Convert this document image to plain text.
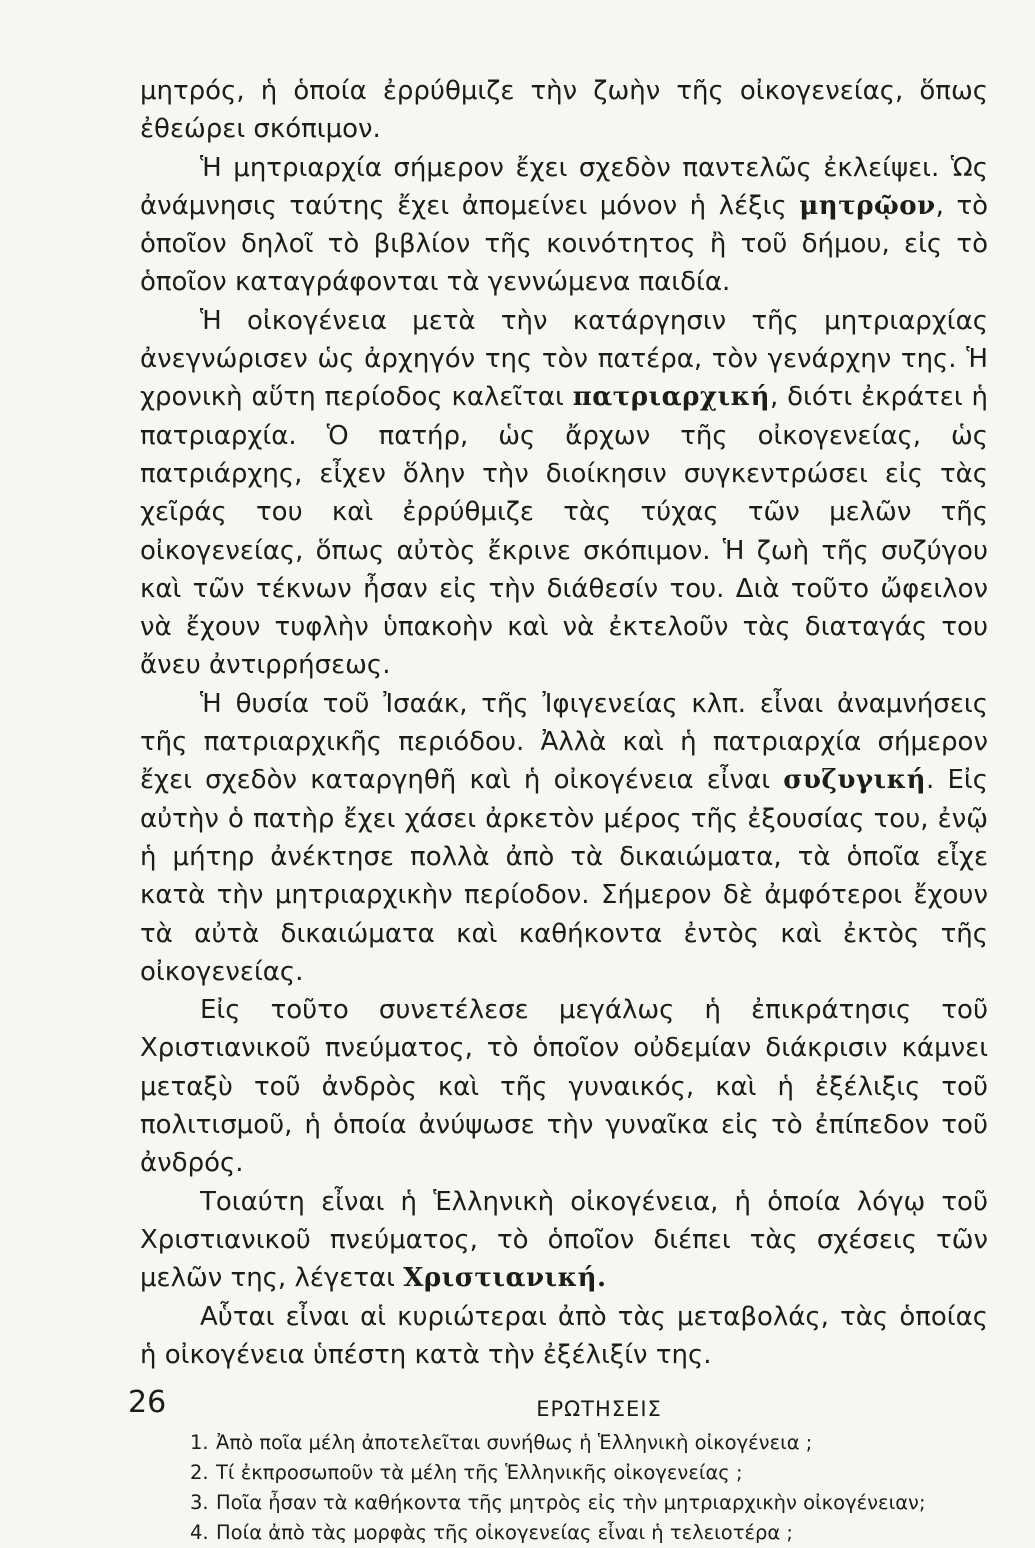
μητρός, ἡ ὁποία ἐρρύθμιζε τὴν ζωὴν τῆς οἰκογενείας, ὅπως ἐθεώρει σκόπιμον.

Ἡ μητριαρχία σήμερον ἔχει σχεδὸν παντελῶς ἐκλείψει. Ὡς ἀνάμνησις ταύτης ἔχει ἀπομείνει μόνον ἡ λέξις μητρῷον, τὸ ὁποῖον δηλοῖ τὸ βιβλίον τῆς κοινότητος ἢ τοῦ δήμου, εἰς τὸ ὁποῖον καταγράφονται τὰ γεννώμενα παιδία.

Ἡ οἰκογένεια μετὰ τὴν κατάργησιν τῆς μητριαρχίας ἀνεγνώρισεν ὡς ἀρχηγόν της τὸν πατέρα, τὸν γενάρχην της. Ἡ χρονικὴ αὕτη περίοδος καλεῖται πατριαρχική, διότι ἐκράτει ἡ πατριαρχία. Ὁ πατήρ, ὡς ἄρχων τῆς οἰκογενείας, ὡς πατριάρχης, εἶχεν ὅλην τὴν διοίκησιν συγκεντρώσει εἰς τὰς χεῖράς του καὶ ἐρρύθμιζε τὰς τύχας τῶν μελῶν τῆς οἰκογενείας, ὅπως αὐτὸς ἔκρινε σκόπιμον. Ἡ ζωὴ τῆς συζύγου καὶ τῶν τέκνων ἦσαν εἰς τὴν διάθεσίν του. Διὰ τοῦτο ὤφειλον νὰ ἔχουν τυφλὴν ὑπακοὴν καὶ νὰ ἐκτελοῦν τὰς διαταγάς του ἄνευ ἀντιρρήσεως.

Ἡ θυσία τοῦ Ἰσαάκ, τῆς Ἰφιγενείας κλπ. εἶναι ἀναμνήσεις τῆς πατριαρχικῆς περιόδου. Ἀλλὰ καὶ ἡ πατριαρχία σήμερον ἔχει σχεδὸν καταργηθῆ καὶ ἡ οἰκογένεια εἶναι συζυγική. Εἰς αὐτὴν ὁ πατὴρ ἔχει χάσει ἀρκετὸν μέρος τῆς ἐξουσίας του, ἐνῷ ἡ μήτηρ ἀνέκτησε πολλὰ ἀπὸ τὰ δικαιώματα, τὰ ὁποῖα εἶχε κατὰ τὴν μητριαρχικὴν περίοδον. Σήμερον δὲ ἀμφότεροι ἔχουν τὰ αὐτὰ δικαιώματα καὶ καθήκοντα ἐντὸς καὶ ἐκτὸς τῆς οἰκογενείας.

Εἰς τοῦτο συνετέλεσε μεγάλως ἡ ἐπικράτησις τοῦ Χριστιανικοῦ πνεύματος, τὸ ὁποῖον οὐδεμίαν διάκρισιν κάμνει μεταξὺ τοῦ ἀνδρὸς καὶ τῆς γυναικός, καὶ ἡ ἐξέλιξις τοῦ πολιτισμοῦ, ἡ ὁποία ἀνύψωσε τὴν γυναῖκα εἰς τὸ ἐπίπεδον τοῦ ἀνδρός.

Τοιαύτη εἶναι ἡ Ἑλληνικὴ οἰκογένεια, ἡ ὁποία λόγῳ τοῦ Χριστιανικοῦ πνεύματος, τὸ ὁποῖον διέπει τὰς σχέσεις τῶν μελῶν της, λέγεται Χριστιανική.

Αὗται εἶναι αἱ κυριώτεραι ἀπὸ τὰς μεταβολάς, τὰς ὁποίας ἡ οἰκογένεια ὑπέστη κατὰ τὴν ἐξέλιξίν της.

ΕΡΩΤΗΣΕΙΣ
1. Ἀπὸ ποῖα μέλη ἀποτελεῖται συνήθως ἡ Ἑλληνικὴ οἰκογένεια ;
2. Τί ἐκπροσωποῦν τὰ μέλη τῆς Ἑλληνικῆς οἰκογενείας ;
3. Ποῖα ἦσαν τὰ καθήκοντα τῆς μητρὸς εἰς τὴν μητριαρχικὴν οἰκογένειαν;
4. Ποία ἀπὸ τὰς μορφὰς τῆς οἰκογενείας εἶναι ἡ τελειοτέρα ;
26
